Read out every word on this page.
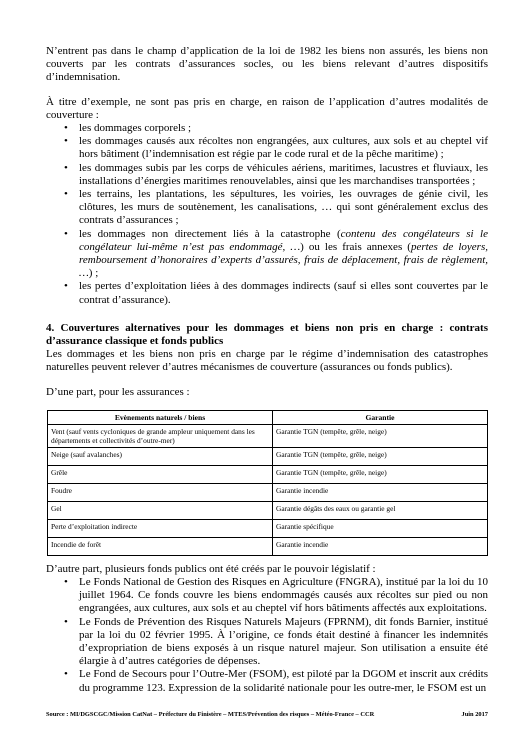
N’entrent pas dans le champ d’application de la loi de 1982 les biens non assurés, les biens non couverts par les contrats d’assurances socles, ou les biens relevant d’autres dispositifs d’indemnisation.

À titre d’exemple, ne sont pas pris en charge, en raison de l’application d’autres modalités de couverture :

• les dommages corporels ;
• les dommages causés aux récoltes non engrangées, aux cultures, aux sols et au cheptel vif hors bâtiment (l’indemnisation est régie par le code rural et de la pêche maritime) ;
• les dommages subis par les corps de véhicules aériens, maritimes, lacustres et fluviaux, les installations d’énergies maritimes renouvelables, ainsi que les marchandises transportées ;
• les terrains, les plantations, les sépultures, les voiries, les ouvrages de génie civil, les clôtures, les murs de soutènement, les canalisations, … qui sont généralement exclus des contrats d’assurances ;
• les dommages non directement liés à la catastrophe (contenu des congélateurs si le congélateur lui-même n’est pas endommagé, …) ou les frais annexes (pertes de loyers, remboursement d’honoraires d’experts d’assurés, frais de déplacement, frais de règlement, …) ;
• les pertes d’exploitation liées à des dommages indirects (sauf si elles sont couvertes par le contrat d’assurance).

4. Couvertures alternatives pour les dommages et biens non pris en charge : contrats d’assurance classique et fonds publics

Les dommages et les biens non pris en charge par le régime d’indemnisation des catastrophes naturelles peuvent relever d’autres mécanismes de couverture (assurances ou fonds publics).

D’une part, pour les assurances :

Evènements naturels / biens	Garantie
Vent (sauf vents cycloniques de grande ampleur uniquement dans les départements et collectivités d’outre-mer)	Garantie TGN (tempête, grêle, neige)
Neige (sauf avalanches)	Garantie TGN (tempête, grêle, neige)
Grêle	Garantie TGN (tempête, grêle, neige)
Foudre	Garantie incendie
Gel	Garantie dégâts des eaux ou garantie gel
Perte d’exploitation indirecte	Garantie spécifique
Incendie de forêt	Garantie incendie

D’autre part, plusieurs fonds publics ont été créés par le pouvoir législatif :

• Le Fonds National de Gestion des Risques en Agriculture (FNGRA), institué par la loi du 10 juillet 1964. Ce fonds couvre les biens endommagés causés aux récoltes sur pied ou non engrangées, aux cultures, aux sols et au cheptel vif hors bâtiments affectés aux exploitations.
• Le Fonds de Prévention des Risques Naturels Majeurs (FPRNM), dit fonds Barnier, institué par la loi du 02 février 1995. À l’origine, ce fonds était destiné à financer les indemnités d’expropriation de biens exposés à un risque naturel majeur. Son utilisation a ensuite été élargie à d’autres catégories de dépenses.
• Le Fond de Secours pour l’Outre-Mer (FSOM), est piloté par la DGOM et inscrit aux crédits du programme 123. Expression de la solidarité nationale pour les outre-mer, le FSOM est un
Source : MI/DGSCGC/Mission CatNat – Préfecture du Finistère – MTES/Prévention des risques – Météo-France – CCR	Juin 2017
